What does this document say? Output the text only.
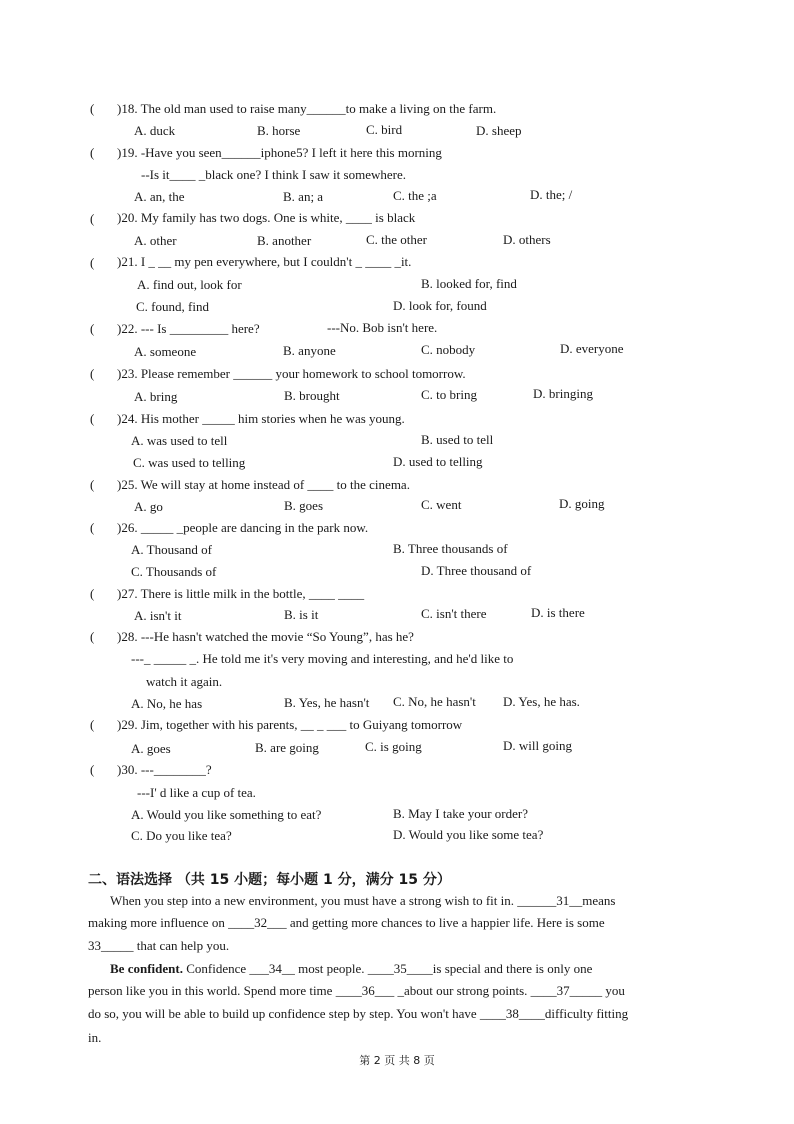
( )18. The old man used to raise many______to make a living on the farm.
A. duck	B. horse	C. bird	D. sheep
( )19. -Have you seen______iphone5? I left it here this morning
--Is it____ _black one? I think I saw it somewhere.
A. an, the	B. an; a	C. the ;a	D. the; /
( )20. My family has two dogs. One is white, ____ is black
A. other	B. another	C. the other	D. others
( )21. I _ __ my pen everywhere, but I couldn't _ ____ _it.
A. find out, look for	B. looked for, find
C. found, find	D. look for, found
( )22. --- Is _________ here?	---No. Bob isn't here.
A. someone	B. anyone	C. nobody	D. everyone
( )23. Please remember ______ your homework to school tomorrow.
A. bring	B. brought	C. to bring	D. bringing
( )24. His mother _____ him stories when he was young.
A. was used to tell	B. used to tell
C. was used to telling	D. used to telling
( )25. We will stay at home instead of ____ to the cinema.
A. go	B. goes	C. went	D. going
( )26. _____ _people are dancing in the park now.
A. Thousand of	B. Three thousands of
C. Thousands of	D. Three thousand of
( )27. There is little milk in the bottle, ____ ____
A. isn't it	B. is it	C. isn't there	D. is there
( )28. ---He hasn't watched the movie “So Young”, has he?
---_ _____ _. He told me it's very moving and interesting, and he'd like to
watch it again.
A. No, he has	B. Yes, he hasn't C. No, he hasn't D. Yes, he has.
( )29. Jim, together with his parents, __ _ ___ to Guiyang tomorrow
A. goes	B. are going	C. is going	D. will going
( )30. ---________?
---I' d like a cup of tea.
A. Would you like something to eat?	B. May I take your order?
C. Do you like tea?	D. Would you like some tea?
二、语法选择 （共 15 小题；每小题 1 分，满分 15 分）
When you step into a new environment, you must have a strong wish to fit in. ______31__means
making more influence on ____32___ and getting more chances to live a happier life. Here is some
33_____ that can help you.
Be confident. Confidence ___34__ most people. ____35____is special and there is only one
person like you in this world. Spend more time ____36___ _about our strong points. ____37_____ you
do so, you will be able to build up confidence step by step. You won't have ____38____difficulty fitting
in.
第 2 页 共 8 页
